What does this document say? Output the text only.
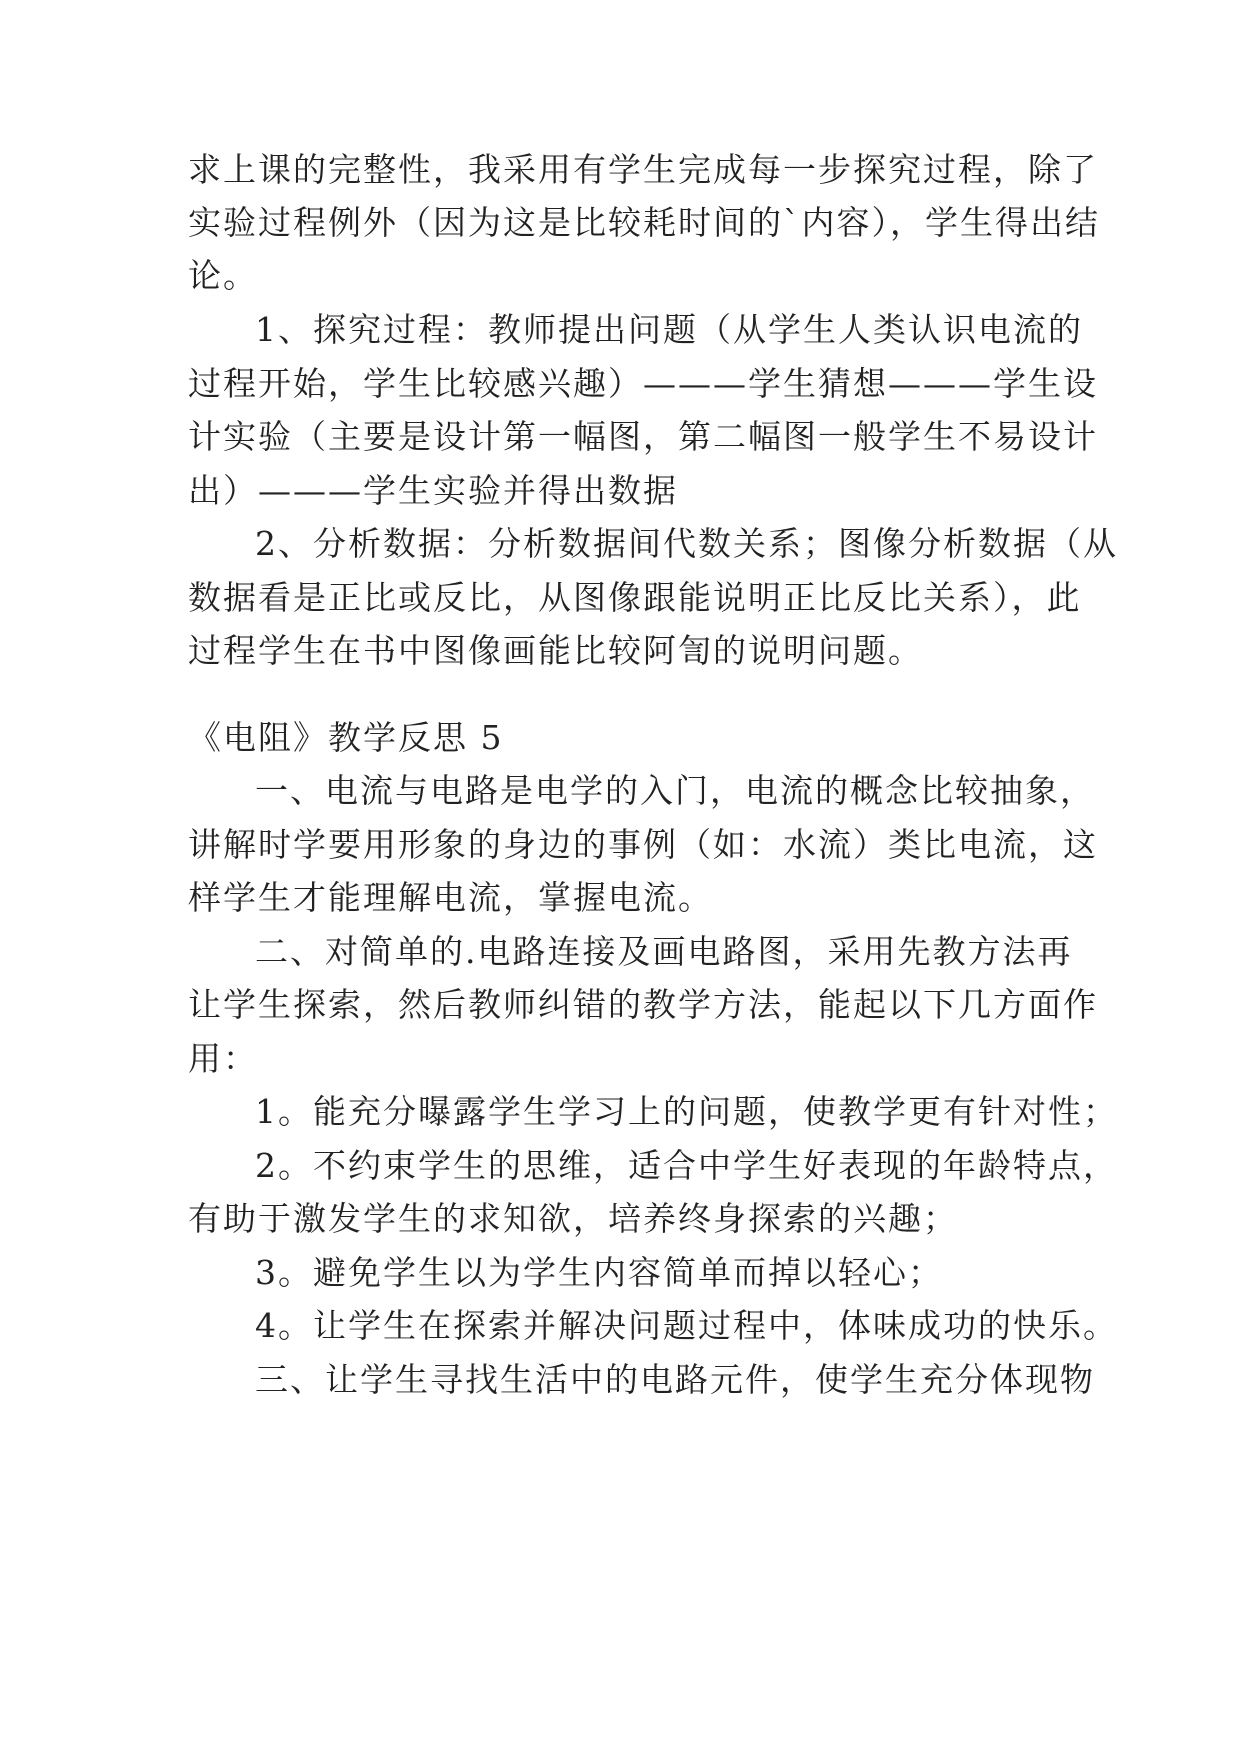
求上课的完整性，我采用有学生完成每一步探究过程，除了
实验过程例外（因为这是比较耗时间的`内容），学生得出结
论。
1、探究过程：教师提出问题（从学生人类认识电流的
过程开始，学生比较感兴趣）———学生猜想———学生设
计实验（主要是设计第一幅图，第二幅图一般学生不易设计
出）———学生实验并得出数据
2、分析数据：分析数据间代数关系；图像分析数据（从
数据看是正比或反比，从图像跟能说明正比反比关系），此
过程学生在书中图像画能比较阿訇的说明问题。
《电阻》教学反思 5
一、电流与电路是电学的入门，电流的概念比较抽象，
讲解时学要用形象的身边的事例（如：水流）类比电流，这
样学生才能理解电流，掌握电流。
二、对简单的.电路连接及画电路图，采用先教方法再
让学生探索，然后教师纠错的教学方法，能起以下几方面作
用：
1。能充分曝露学生学习上的问题，使教学更有针对性；
2。不约束学生的思维，适合中学生好表现的年龄特点，
有助于激发学生的求知欲，培养终身探索的兴趣；
3。避免学生以为学生内容简单而掉以轻心；
4。让学生在探索并解决问题过程中，体味成功的快乐。
三、让学生寻找生活中的电路元件，使学生充分体现物
